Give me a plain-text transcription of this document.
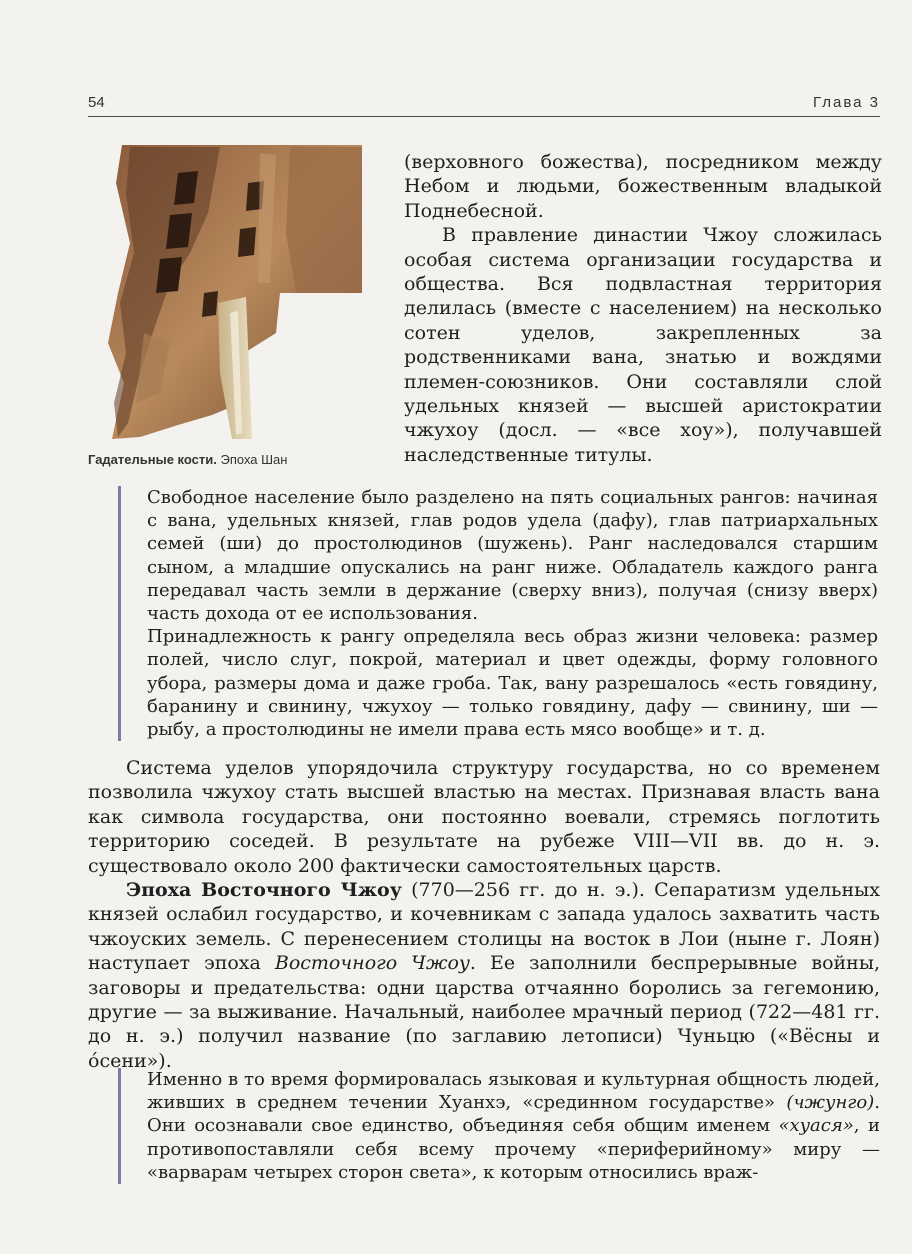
54	Глава 3
Гадательные кости. Эпоха Шан

(верховного божества), посредником между Небом и людьми, божественным владыкой Поднебесной.

В правление династии Чжоу сложилась особая система организации государства и общества. Вся подвластная территория делилась (вместе с населением) на несколько сотен уделов, закрепленных за родственниками вана, знатью и вождями племен-союзников. Они составляли слой удельных князей — высшей аристократии чжухоу (досл. — «все хоу»), получавшей наследственные титулы.

Свободное население было разделено на пять социальных рангов: начиная с вана, удельных князей, глав родов удела (дафу), глав патриархальных семей (ши) до простолюдинов (шужень). Ранг наследовался старшим сыном, а младшие опускались на ранг ниже. Обладатель каждого ранга передавал часть земли в держание (сверху вниз), получая (снизу вверх) часть дохода от ее использования.

Принадлежность к рангу определяла весь образ жизни человека: размер полей, число слуг, покрой, материал и цвет одежды, форму головного убора, размеры дома и даже гроба. Так, вану разрешалось «есть говядину, баранину и свинину, чжухоу — только говядину, дафу — свинину, ши — рыбу, а простолюдины не имели права есть мясо вообще» и т. д.

Система уделов упорядочила структуру государства, но со временем позволила чжухоу стать высшей властью на местах. Признавая власть вана как символа государства, они постоянно воевали, стремясь поглотить территорию соседей. В результате на рубеже VIII—VII вв. до н. э. существовало около 200 фактически самостоятельных царств.

Эпоха Восточного Чжоу (770—256 гг. до н. э.). Сепаратизм удельных князей ослабил государство, и кочевникам с запада удалось захватить часть чжоуских земель. С перенесением столицы на восток в Лои (ныне г. Лоян) наступает эпоха Восточного Чжоу. Ее заполнили беспрерывные войны, заговоры и предательства: одни царства отчаянно боролись за гегемонию, другие — за выживание. Начальный, наиболее мрачный период (722—481 гг. до н. э.) получил название (по заглавию летописи) Чуньцю («Вёсны и óсени»).

Именно в то время формировалась языковая и культурная общность людей, живших в среднем течении Хуанхэ, «срединном государстве» (чжунго). Они осознавали свое единство, объединяя себя общим именем «хуася», и противопоставляли себя всему прочему «периферийному» миру — «варварам четырех сторон света», к которым относились враж-
